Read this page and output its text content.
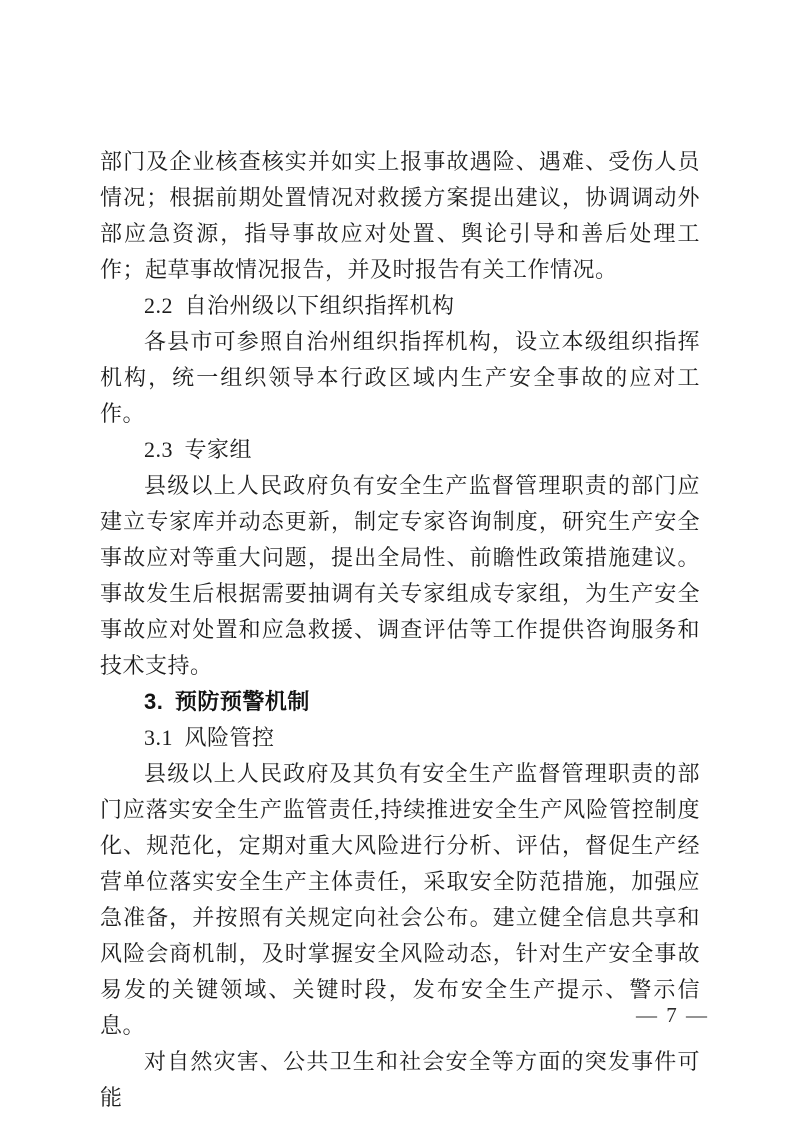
部门及企业核查核实并如实上报事故遇险、遇难、受伤人员情况；根据前期处置情况对救援方案提出建议，协调调动外部应急资源，指导事故应对处置、舆论引导和善后处理工作；起草事故情况报告，并及时报告有关工作情况。

2.2 自治州级以下组织指挥机构

各县市可参照自治州组织指挥机构，设立本级组织指挥机构，统一组织领导本行政区域内生产安全事故的应对工作。

2.3 专家组

县级以上人民政府负有安全生产监督管理职责的部门应建立专家库并动态更新，制定专家咨询制度，研究生产安全事故应对等重大问题，提出全局性、前瞻性政策措施建议。事故发生后根据需要抽调有关专家组成专家组，为生产安全事故应对处置和应急救援、调查评估等工作提供咨询服务和技术支持。

3. 预防预警机制
3.1 风险管控

县级以上人民政府及其负有安全生产监督管理职责的部门应落实安全生产监管责任,持续推进安全生产风险管控制度化、规范化，定期对重大风险进行分析、评估，督促生产经营单位落实安全生产主体责任，采取安全防范措施，加强应急准备，并按照有关规定向社会公布。建立健全信息共享和风险会商机制，及时掌握安全风险动态，针对生产安全事故易发的关键领域、关键时段，发布安全生产提示、警示信息。

对自然灾害、公共卫生和社会安全等方面的突发事件可能

— 7 —
